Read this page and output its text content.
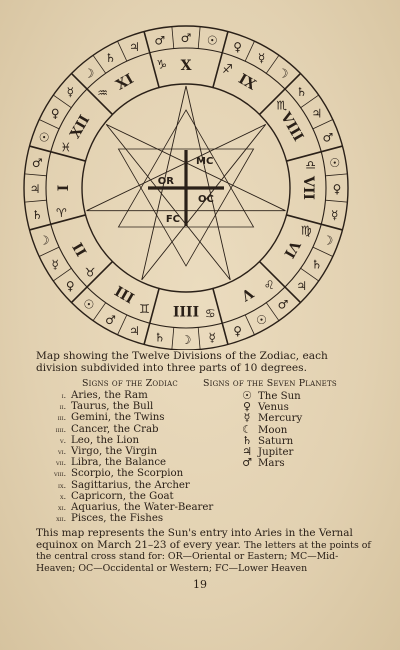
MC
OR
OC
FC
X
IX
VIII
VII
VI
V
IIII
III
II
I
XII
XI
♑	♐
♏
♎
♍
♌
♋
♊
♉
♈
♓
♒
♂ ☉ ♀
☿
☽
♄
♃
♂
☉
♀
☿
☽
♄
♃
♂
☉
♀
☿
☽
♄
♃
♂
☉
♀
☿
☽
♄
♃
♂
☉
♀
☿
☽
♄
♃ ♂
Map showing the Twelve Divisions of the Zodiac, each division subdivided into three parts of 10 degrees.
Signs of the Zodiac	Signs of the Seven Planets
i. Aries, the Ram
ii. Taurus, the Bull
iii. Gemini, the Twins
iiii. Cancer, the Crab
v. Leo, the Lion
vi. Virgo, the Virgin
vii. Libra, the Balance
viii. Scorpio, the Scorpion
ix. Sagittarius, the Archer
x. Capricorn, the Goat
xi. Aquarius, the Water-Bearer
xii. Pisces, the Fishes
☉ The Sun
♀ Venus
☿ Mercury
☾ Moon
♄ Saturn
♃ Jupiter
♂ Mars
This map represents the Sun's entry into Aries in the Vernal equinox on March 21–23 of every year. The letters at the points of the central cross stand for: OR—Oriental or Eastern; MC—Mid-Heaven; OC—Occidental or Western; FC—Lower Heaven
19
